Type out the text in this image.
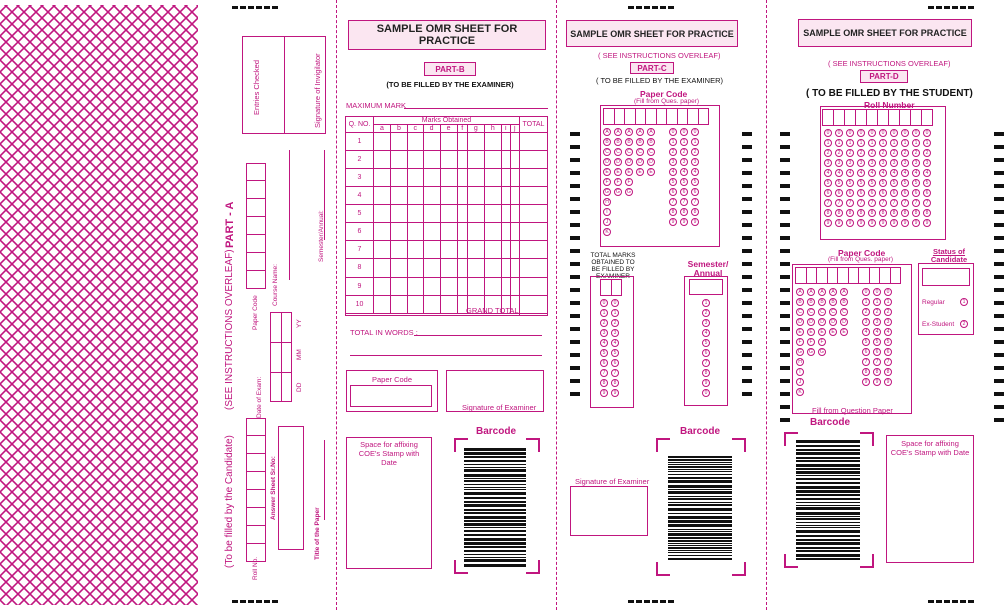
Entries Checked	Signature of Invigilator
PART - A
(SEE INSTRUCTIONS OVERLEAF)
(To be filled by the Candidate)
Paper Code
Course Name:
Semester/Annual:
Date of Exam:	DD
MM
YY
Roll No.
Answer Sheet Sr.No:
Title of the Paper
SAMPLE OMR SHEET FOR PRACTICE
PART-B
(TO BE FILLED BY THE EXAMINER)
MAXIMUM MARK
Q. NO.	Marks Obtained										TOTAL
	a	b	c	d	e	f	g	h	i	j	
1											
2											
3											
4											
5											
6											
7											
8											
9											
10											

GRAND TOTAL
TOTAL IN WORDS :
Paper Code
Signature of Examiner
Space for affixing COE's Stamp with Date
Barcode
SAMPLE OMR SHEET FOR PRACTICE
( SEE INSTRUCTIONS OVERLEAF)
PART-C
( TO BE FILLED BY THE EXAMINER)
Paper Code
(Fill from Ques. paper)
A
B
C
D
E
F
G
H
I
J
K
A
B
C
D
E
F
G
A
B
C
D
E
F
G
A
B
C
D
E
A
B
C
D
E
0
1
2
3
4
5
6
7
8
9
0
1
2
3
4
5
6
7
8
9
0
1
2
3
4
5
6
7
8
9
TOTAL MARKS OBTAINED TO BE FILLED BY EXAMINER
0
1
2
3
4
5
6
7
8
9
0
1
2
3
4
5
6
7
8
9
Semester/ Annual
1
2
3
4
5
6
7
8
9
0
Barcode
Signature of Examiner
SAMPLE OMR SHEET FOR PRACTICE
( SEE INSTRUCTIONS OVERLEAF)
PART-D
( TO BE FILLED BY THE STUDENT)
Roll Number
0
1
2
3
4
5
6
7
8
9
0
1
2
3
4
5
6
7
8
9
0
1
2
3
4
5
6
7
8
9
0
1
2
3
4
5
6
7
8
9
0
1
2
3
4
5
6
7
8
9
0
1
2
3
4
5
6
7
8
9
0
1
2
3
4
5
6
7
8
9
0
1
2
3
4
5
6
7
8
9
0
1
2
3
4
5
6
7
8
9
0
1
2
3
4
5
6
7
8
9
Paper Code
(Fill from Ques. paper)
A
B
C
D
E
F
G
H
I
J
K
A
B
C
D
E
F
G
A
B
C
D
E
F
G
A
B
C
D
E
A
B
C
D
E
0
1
2
3
4
5
6
7
8
9
0
1
2
3
4
5
6
7
8
9
0
1
2
3
4
5
6
7
8
9
Fill from Question Paper
Status of Candidate
Regular	1
Ex-Student	2
Barcode
Space for affixing COE's Stamp with Date
